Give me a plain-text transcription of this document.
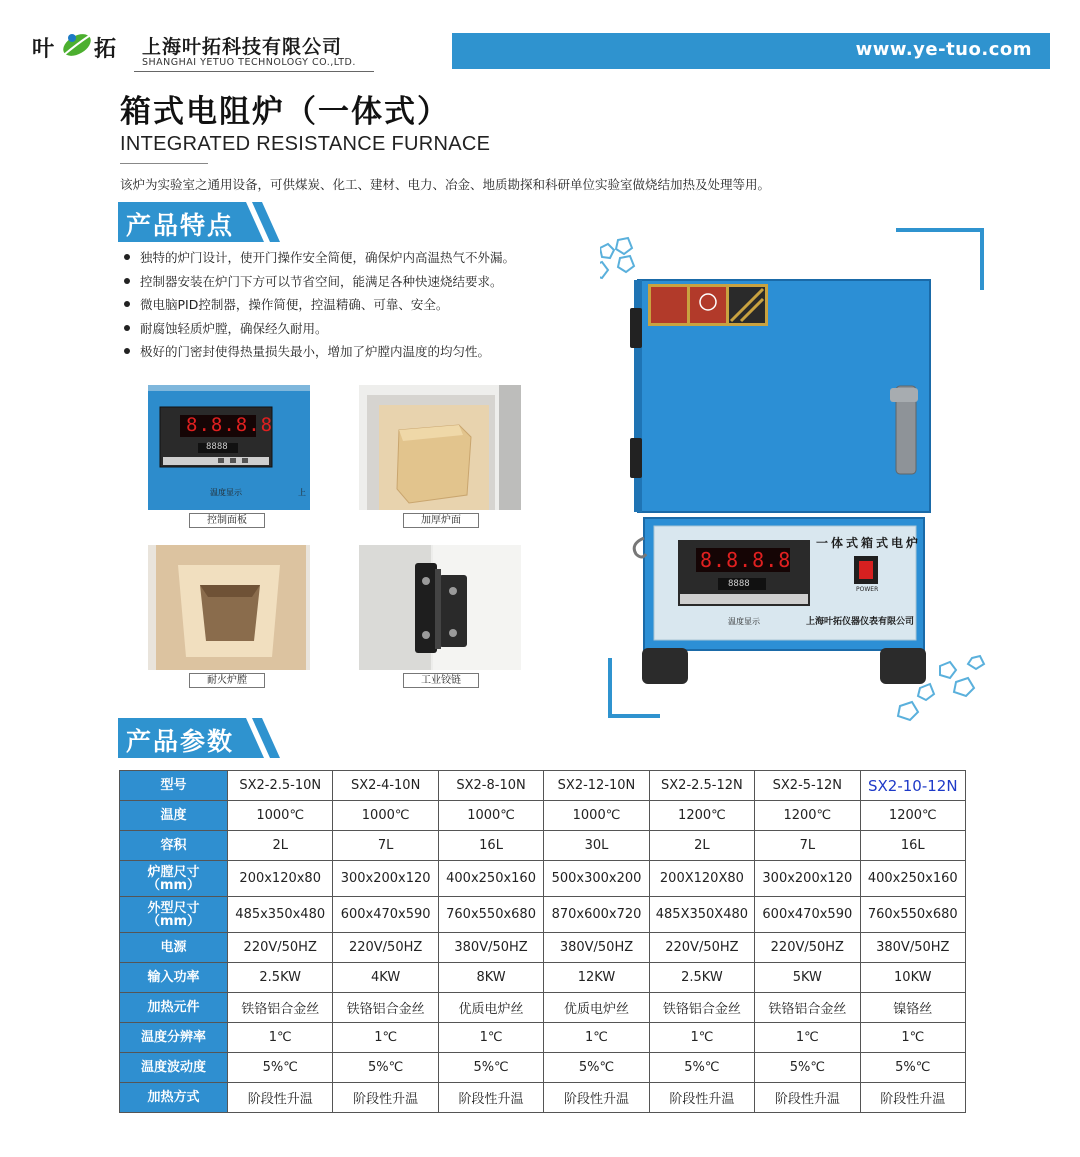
叶 拓 上海叶拓科技有限公司
SHANGHAI YETUO TECHNOLOGY CO.,LTD.
www.ye-tuo.com
箱式电阻炉（一体式）
INTEGRATED RESISTANCE FURNACE
该炉为实验室之通用设备，可供煤炭、化工、建材、电力、冶金、地质勘探和科研单位实验室做烧结加热及处理等用。
产品特点
独特的炉门设计，使开门操作安全简便，确保炉内高温热气不外漏。
控制器安装在炉门下方可以节省空间，能满足各种快速烧结要求。
微电脑PID控制器，操作简便，控温精确、可靠、安全。
耐腐蚀轻质炉膛，确保经久耐用。
极好的门密封使得热量损失最小，增加了炉膛内温度的均匀性。
8.8.8.8
8888
温度显示	上
控制面板	加厚炉面
耐火炉膛	工业铰链
一体式箱式电炉
8.8.8.8
8888
温度显示
POWER
上海叶拓仪器仪表有限公司
产品参数
型号	SX2-2.5-10N	SX2-4-10N	SX2-8-10N	SX2-12-10N	SX2-2.5-12N	SX2-5-12N	SX2-10-12N
温度	1000℃	1000℃	1000℃	1000℃	1200℃	1200℃	1200℃
容积	2L	7L	16L	30L	2L	7L	16L
炉膛尺寸
（mm）	200x120x80	300x200x120	400x250x160	500x300x200	200X120X80	300x200x120	400x250x160
外型尺寸
（mm）	485x350x480	600x470x590	760x550x680	870x600x720	485X350X480	600x470x590	760x550x680
电源	220V/50HZ	220V/50HZ	380V/50HZ	380V/50HZ	220V/50HZ	220V/50HZ	380V/50HZ
输入功率	2.5KW	4KW	8KW	12KW	2.5KW	5KW	10KW
加热元件	铁铬铝合金丝	铁铬铝合金丝	优质电炉丝	优质电炉丝	铁铬铝合金丝	铁铬铝合金丝	镍铬丝
温度分辨率	1℃	1℃	1℃	1℃	1℃	1℃	1℃
温度波动度	5%℃	5%℃	5%℃	5%℃	5%℃	5%℃	5%℃
加热方式	阶段性升温	阶段性升温	阶段性升温	阶段性升温	阶段性升温	阶段性升温	阶段性升温
